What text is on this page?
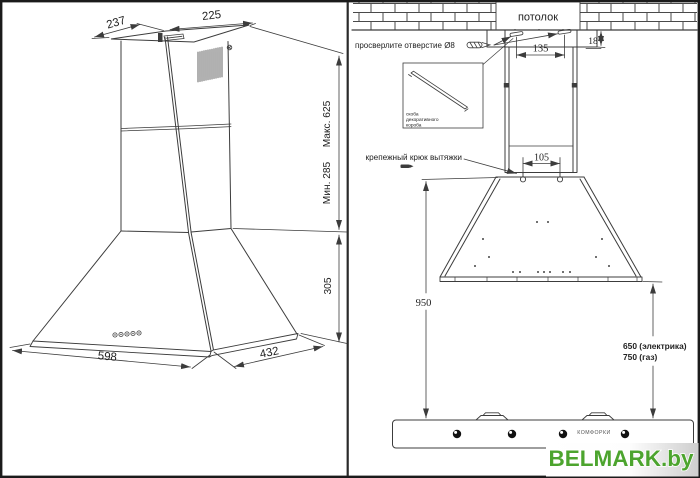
237	225
Макс. 625
Мин. 285
305
598	432
потолок
просверлите отверстие Ø8
скоба
декоративного
короба
крепежный крюк вытяжки
135
18
105
950
650 (электрика)
750 (газ)
КОМФОРКИ
BELMARK.by
